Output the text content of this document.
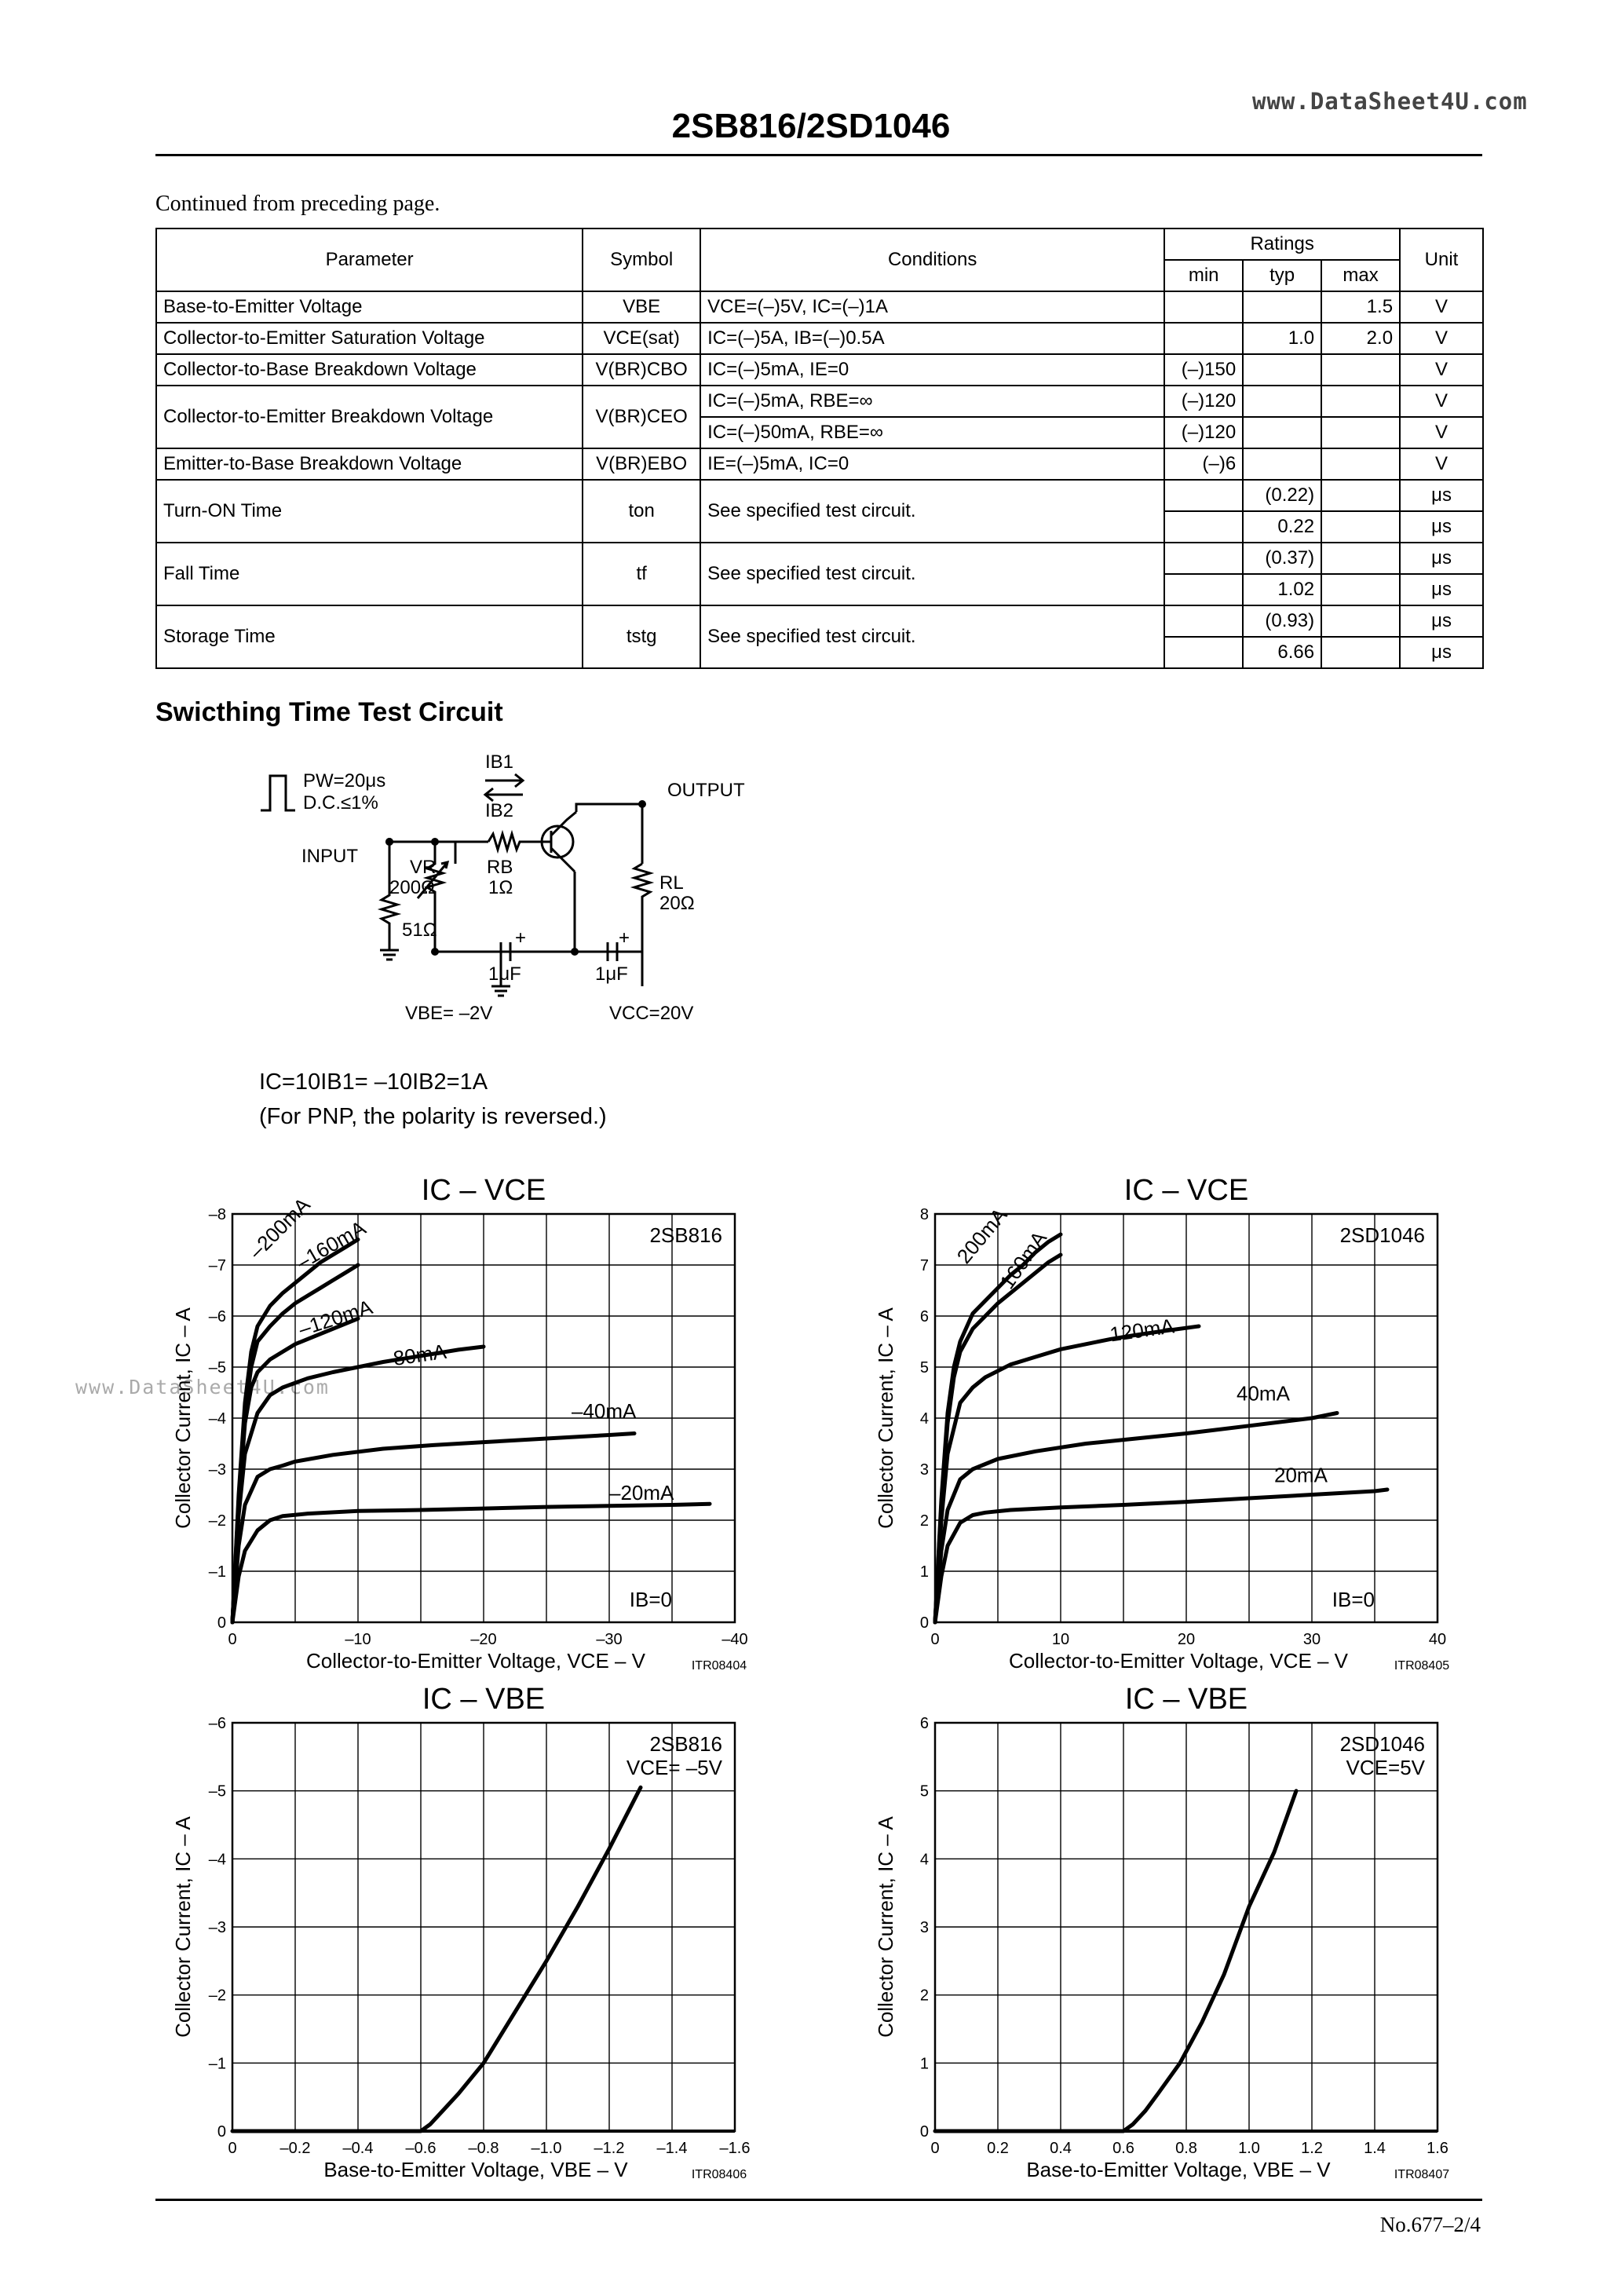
www.DataSheet4U.com
2SB816/2SD1046
Continued from preceding page.
Parameter	Symbol	Conditions	Ratings			Unit
			min	typ	max	
Base-to-Emitter Voltage	VBE	VCE=(–)5V, IC=(–)1A			1.5	V
Collector-to-Emitter Saturation Voltage	VCE(sat)	IC=(–)5A, IB=(–)0.5A		1.0	2.0	V
Collector-to-Base Breakdown Voltage	V(BR)CBO	IC=(–)5mA, IE=0	(–)150			V
Collector-to-Emitter Breakdown Voltage	V(BR)CEO	IC=(–)5mA, RBE=∞	(–)120			V
		IC=(–)50mA, RBE=∞	(–)120			V
Emitter-to-Base Breakdown Voltage	V(BR)EBO	IE=(–)5mA, IC=0	(–)6			V
Turn-ON Time	ton	See specified test circuit.		(0.22)		μs
				0.22		μs
Fall Time	tf	See specified test circuit.		(0.37)		μs
				1.02		μs
Storage Time	tstg	See specified test circuit.		(0.93)		μs
				6.66		μs
Swicthing Time Test Circuit
PW=20μs
D.C.≤1%
IB1
IB2
OUTPUT
INPUT
VR
200Ω
RB
1Ω	RL
20Ω
51Ω	+	+
1μF	1μF
VBE= –2V	VCC=20V
IC=10IB1= –10IB2=1A
(For PNP, the polarity is reversed.)
www.DataSheet4U.com
IC – VCE
0	–10	–20	–30	–40
0
–1
–2
–3
–4
–5
–6
–7
–8
Collector-to-Emitter Voltage, VCE – V
Collector Current, IC – A
ITR08404
2SB816
IB=0
–200mA
–160mA
–120mA
–80mA
–40mA
–20mA
IC – VCE
0	10	20	30	40
0
1
2
3
4
5
6
7
8
Collector-to-Emitter Voltage, VCE – V
Collector Current, IC – A
ITR08405
2SD1046
IB=0
200mA
160mA
120mA
40mA
20mA
IC – VBE
0	–0.2 –0.4 –0.6 –0.8 –1.0 –1.2 –1.4 –1.6
0
–1
–2
–3
–4
–5
–6
Base-to-Emitter Voltage, VBE – V
Collector Current, IC – A
ITR08406
2SB816
VCE= –5V
IC – VBE
0	0.2	0.4	0.6	0.8	1.0	1.2	1.4	1.6
0
1
2
3
4
5
6
Base-to-Emitter Voltage, VBE – V
Collector Current, IC – A
ITR08407
2SD1046
VCE=5V
No.677–2/4
